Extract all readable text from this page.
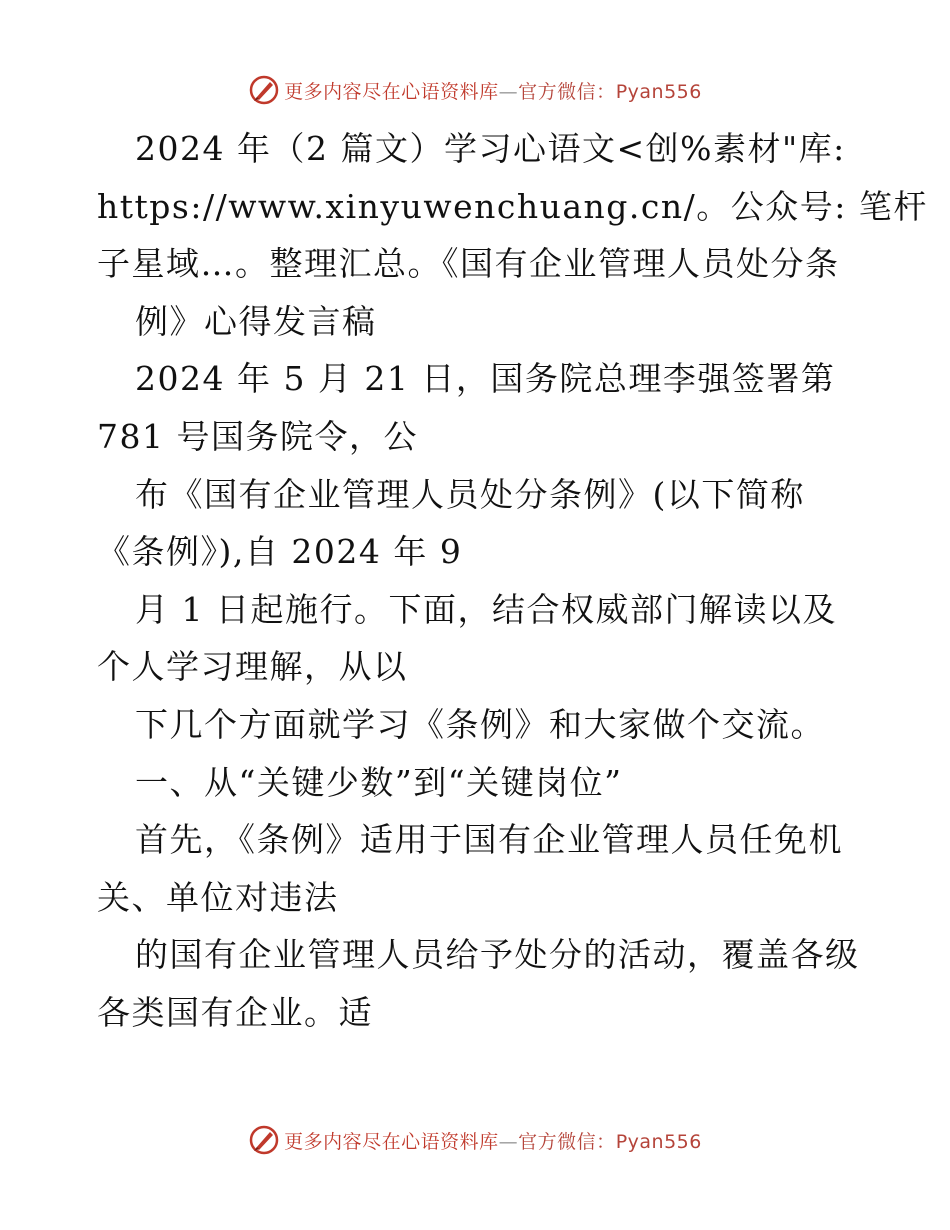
更多内容尽在心语资料库—官方微信：Pyan556
2024 年（2 篇文）学习心语文<创%素材"库:
https://www.xinyuwenchuang.cn/。公众号: 笔杆
子星域…。整理汇总。《国有企业管理人员处分条
例》心得发言稿
2024 年 5 月 21 日，国务院总理李强签署第
781 号国务院令，公
布《国有企业管理人员处分条例》(以下简称
《条例》),自 2024 年 9
月 1 日起施行。下面，结合权威部门解读以及
个人学习理解，从以
下几个方面就学习《条例》和大家做个交流。
一、从“关键少数”到“关键岗位”
首先，《条例》适用于国有企业管理人员任免机
关、单位对违法
的国有企业管理人员给予处分的活动，覆盖各级
各类国有企业。适
更多内容尽在心语资料库—官方微信：Pyan556
